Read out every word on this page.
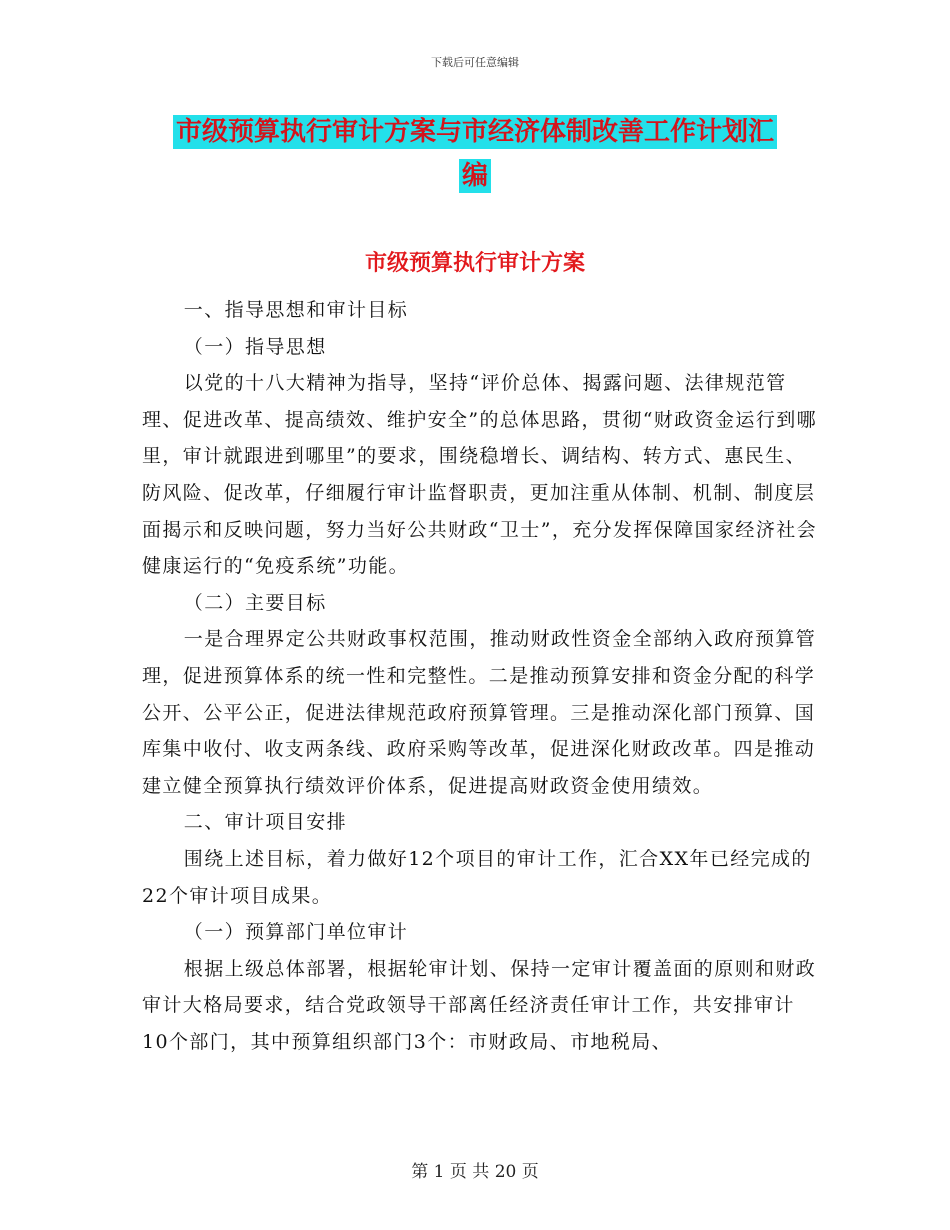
下载后可任意编辑
市级预算执行审计方案与市经济体制改善工作计划汇
编
市级预算执行审计方案

一、指导思想和审计目标

（一）指导思想

以党的十八大精神为指导，坚持“评价总体、揭露问题、法律规范管理、促进改革、提高绩效、维护安全”的总体思路，贯彻“财政资金运行到哪里，审计就跟进到哪里”的要求，围绕稳增长、调结构、转方式、惠民生、防风险、促改革，仔细履行审计监督职责，更加注重从体制、机制、制度层面揭示和反映问题，努力当好公共财政“卫士”，充分发挥保障国家经济社会健康运行的“免疫系统”功能。

（二）主要目标

一是合理界定公共财政事权范围，推动财政性资金全部纳入政府预算管理，促进预算体系的统一性和完整性。二是推动预算安排和资金分配的科学公开、公平公正，促进法律规范政府预算管理。三是推动深化部门预算、国库集中收付、收支两条线、政府采购等改革，促进深化财政改革。四是推动建立健全预算执行绩效评价体系，促进提高财政资金使用绩效。

二、审计项目安排

围绕上述目标，着力做好12个项目的审计工作，汇合XX年已经完成的22个审计项目成果。

（一）预算部门单位审计

根据上级总体部署，根据轮审计划、保持一定审计覆盖面的原则和财政审计大格局要求，结合党政领导干部离任经济责任审计工作，共安排审计10个部门，其中预算组织部门3个：市财政局、市地税局、

第 1 页 共 20 页
